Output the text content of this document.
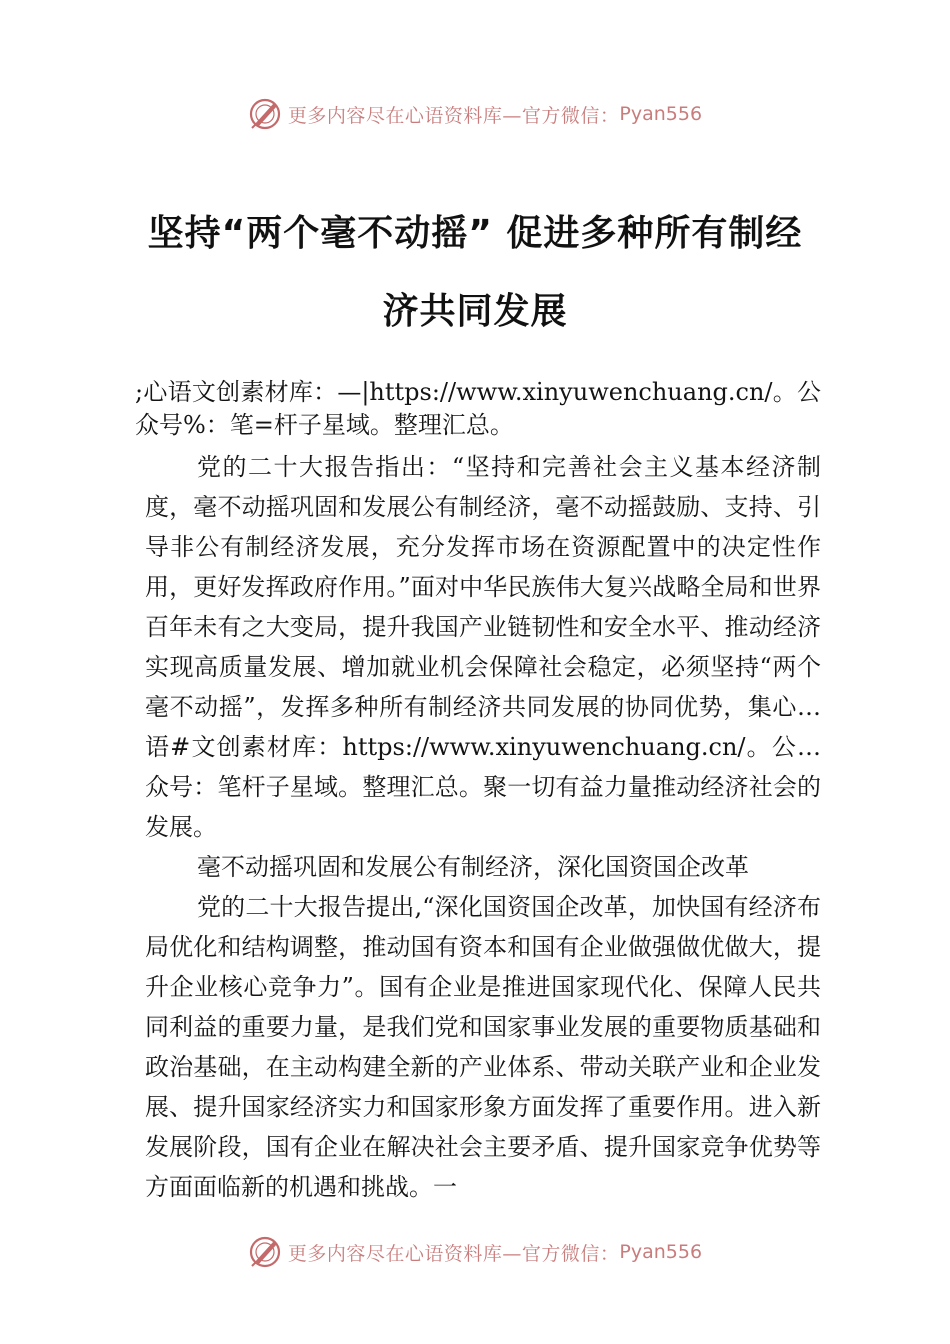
更多内容尽在心语资料库—官方微信： Pyan556
坚持“两个毫不动摇” 促进多种所有制经
济共同发展

;心语文创素材库：—|https://www.xinyuwenchuang.cn/。公众号%：笔=杆子星域。整理汇总。

党的二十大报告指出：“坚持和完善社会主义基本经济制度，毫不动摇巩固和发展公有制经济，毫不动摇鼓励、支持、引导非公有制经济发展，充分发挥市场在资源配置中的决定性作用，更好发挥政府作用。”面对中华民族伟大复兴战略全局和世界百年未有之大变局，提升我国产业链韧性和安全水平、推动经济实现高质量发展、增加就业机会保障社会稳定，必须坚持“两个毫不动摇”，发挥多种所有制经济共同发展的协同优势，集心…语#文创素材库：https://www.xinyuwenchuang.cn/。公…众号：笔杆子星域。整理汇总。聚一切有益力量推动经济社会的发展。

毫不动摇巩固和发展公有制经济，深化国资国企改革

党的二十大报告提出,“深化国资国企改革，加快国有经济布局优化和结构调整，推动国有资本和国有企业做强做优做大，提升企业核心竞争力”。国有企业是推进国家现代化、保障人民共同利益的重要力量，是我们党和国家事业发展的重要物质基础和政治基础，在主动构建全新的产业体系、带动关联产业和企业发展、提升国家经济实力和国家形象方面发挥了重要作用。进入新发展阶段，国有企业在解决社会主要矛盾、提升国家竞争优势等方面面临新的机遇和挑战。一

更多内容尽在心语资料库—官方微信： Pyan556
